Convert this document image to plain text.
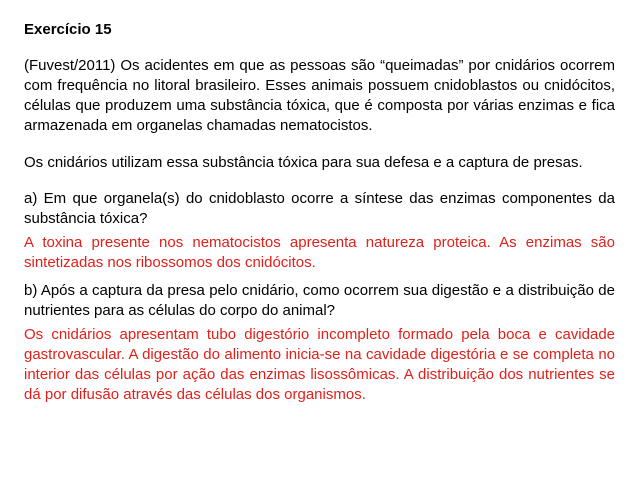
Exercício 15

(Fuvest/2011) Os acidentes em que as pessoas são “queimadas” por cnidários ocorrem com frequência no litoral brasileiro. Esses animais possuem cnidoblastos ou cnidócitos, células que produzem uma substância tóxica, que é composta por várias enzimas e fica armazenada em organelas chamadas nematocistos.

Os cnidários utilizam essa substância tóxica para sua defesa e a captura de presas.

a) Em que organela(s) do cnidoblasto ocorre a síntese das enzimas componentes da substância tóxica?

A toxina presente nos nematocistos apresenta natureza proteica. As enzimas são sintetizadas nos ribossomos dos cnidócitos.

b) Após a captura da presa pelo cnidário, como ocorrem sua digestão e a distribuição de nutrientes para as células do corpo do animal?

Os cnidários apresentam tubo digestório incompleto formado pela boca e cavidade gastrovascular. A digestão do alimento inicia-se na cavidade digestória e se completa no interior das células por ação das enzimas lisossômicas. A distribuição dos nutrientes se dá por difusão através das células dos organismos.
